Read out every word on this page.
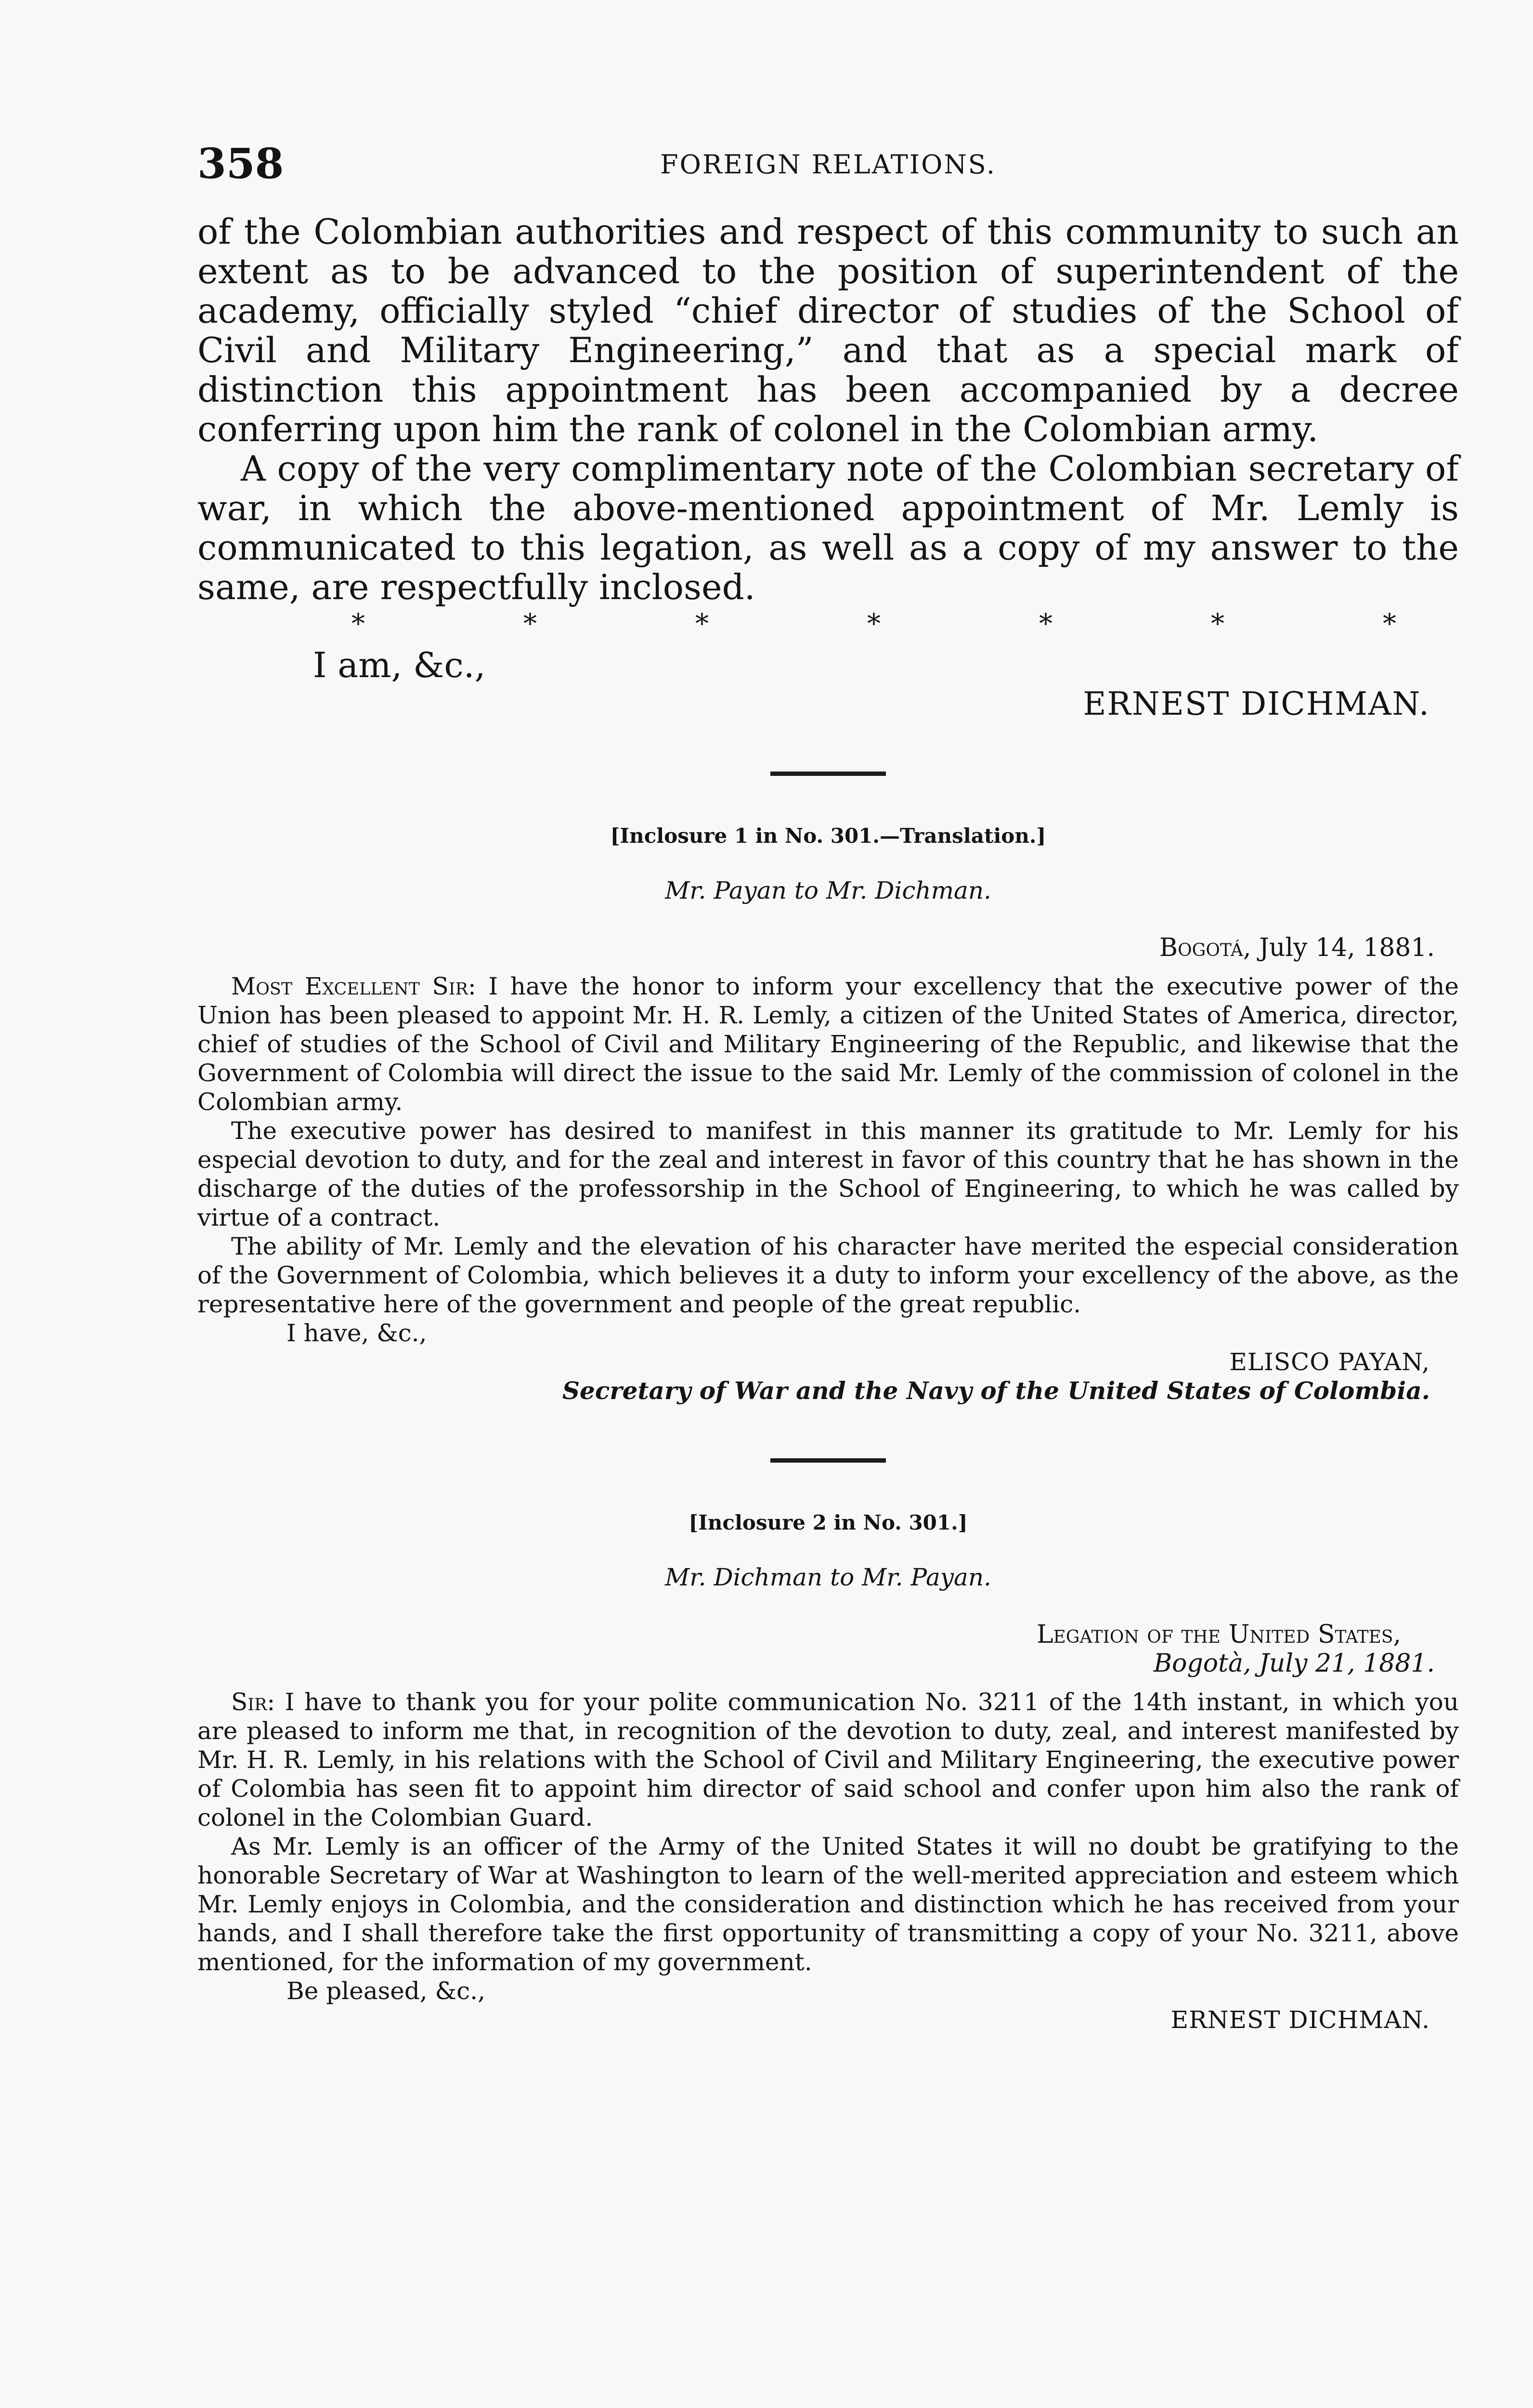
358	FOREIGN RELATIONS.

of the Colombian authorities and respect of this community to such an extent as to be advanced to the position of superintendent of the academy, officially styled “chief director of studies of the School of Civil and Military Engineering,” and that as a special mark of distinction this appointment has been accompanied by a decree conferring upon him the rank of colonel in the Colombian army.

A copy of the very complimentary note of the Colombian secretary of war, in which the above-mentioned appointment of Mr. Lemly is communicated to this legation, as well as a copy of my answer to the same, are respectfully inclosed.

*	*	*	*	*	*	*
I am, &c.,
ERNEST DICHMAN.
[Inclosure 1 in No. 301.—Translation.]
Mr. Payan to Mr. Dichman.
Bogotá, July 14, 1881.

Most Excellent Sir: I have the honor to inform your excellency that the executive power of the Union has been pleased to appoint Mr. H. R. Lemly, a citizen of the United States of America, director, chief of studies of the School of Civil and Military Engineering of the Republic, and likewise that the Government of Colombia will direct the issue to the said Mr. Lemly of the commission of colonel in the Colombian army.

The executive power has desired to manifest in this manner its gratitude to Mr. Lemly for his especial devotion to duty, and for the zeal and interest in favor of this country that he has shown in the discharge of the duties of the professorship in the School of Engineering, to which he was called by virtue of a contract.

The ability of Mr. Lemly and the elevation of his character have merited the especial consideration of the Government of Colombia, which believes it a duty to inform your excellency of the above, as the representative here of the government and people of the great republic.

I have, &c.,
ELISCO PAYAN,
Secretary of War and the Navy of the United States of Colombia.
[Inclosure 2 in No. 301.]
Mr. Dichman to Mr. Payan.
Legation of the United States,
Bogotà, July 21, 1881.

Sir: I have to thank you for your polite communication No. 3211 of the 14th instant, in which you are pleased to inform me that, in recognition of the devotion to duty, zeal, and interest manifested by Mr. H. R. Lemly, in his relations with the School of Civil and Military Engineering, the executive power of Colombia has seen fit to appoint him director of said school and confer upon him also the rank of colonel in the Colombian Guard.

As Mr. Lemly is an officer of the Army of the United States it will no doubt be gratifying to the honorable Secretary of War at Washington to learn of the well-merited appreciation and esteem which Mr. Lemly enjoys in Colombia, and the consideration and distinction which he has received from your hands, and I shall therefore take the first opportunity of transmitting a copy of your No. 3211, above mentioned, for the information of my government.

Be pleased, &c.,
ERNEST DICHMAN.
